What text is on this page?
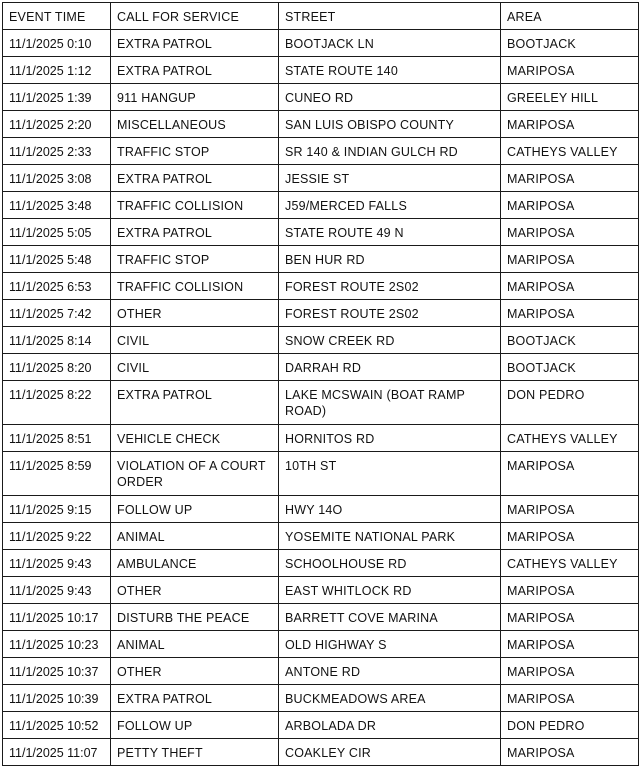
EVENT TIME	CALL FOR SERVICE	STREET	AREA
11/1/2025 0:10	EXTRA PATROL	BOOTJACK LN	BOOTJACK
11/1/2025 1:12	EXTRA PATROL	STATE ROUTE 140	MARIPOSA
11/1/2025 1:39	911 HANGUP	CUNEO RD	GREELEY HILL
11/1/2025 2:20	MISCELLANEOUS	SAN LUIS OBISPO COUNTY	MARIPOSA
11/1/2025 2:33	TRAFFIC STOP	SR 140 & INDIAN GULCH RD	CATHEYS VALLEY
11/1/2025 3:08	EXTRA PATROL	JESSIE ST	MARIPOSA
11/1/2025 3:48	TRAFFIC COLLISION	J59/MERCED FALLS	MARIPOSA
11/1/2025 5:05	EXTRA PATROL	STATE ROUTE 49 N	MARIPOSA
11/1/2025 5:48	TRAFFIC STOP	BEN HUR RD	MARIPOSA
11/1/2025 6:53	TRAFFIC COLLISION	FOREST ROUTE 2S02	MARIPOSA
11/1/2025 7:42	OTHER	FOREST ROUTE 2S02	MARIPOSA
11/1/2025 8:14	CIVIL	SNOW CREEK RD	BOOTJACK
11/1/2025 8:20	CIVIL	DARRAH RD	BOOTJACK
11/1/2025 8:22	EXTRA PATROL	LAKE MCSWAIN (BOAT RAMP ROAD)	DON PEDRO
11/1/2025 8:51	VEHICLE CHECK	HORNITOS RD	CATHEYS VALLEY
11/1/2025 8:59	VIOLATION OF A COURT ORDER	10TH ST	MARIPOSA
11/1/2025 9:15	FOLLOW UP	HWY 14O	MARIPOSA
11/1/2025 9:22	ANIMAL	YOSEMITE NATIONAL PARK	MARIPOSA
11/1/2025 9:43	AMBULANCE	SCHOOLHOUSE RD	CATHEYS VALLEY
11/1/2025 9:43	OTHER	EAST WHITLOCK RD	MARIPOSA
11/1/2025 10:17	DISTURB THE PEACE	BARRETT COVE MARINA	MARIPOSA
11/1/2025 10:23	ANIMAL	OLD HIGHWAY S	MARIPOSA
11/1/2025 10:37	OTHER	ANTONE RD	MARIPOSA
11/1/2025 10:39	EXTRA PATROL	BUCKMEADOWS AREA	MARIPOSA
11/1/2025 10:52	FOLLOW UP	ARBOLADA DR	DON PEDRO
11/1/2025 11:07	PETTY THEFT	COAKLEY CIR	MARIPOSA
